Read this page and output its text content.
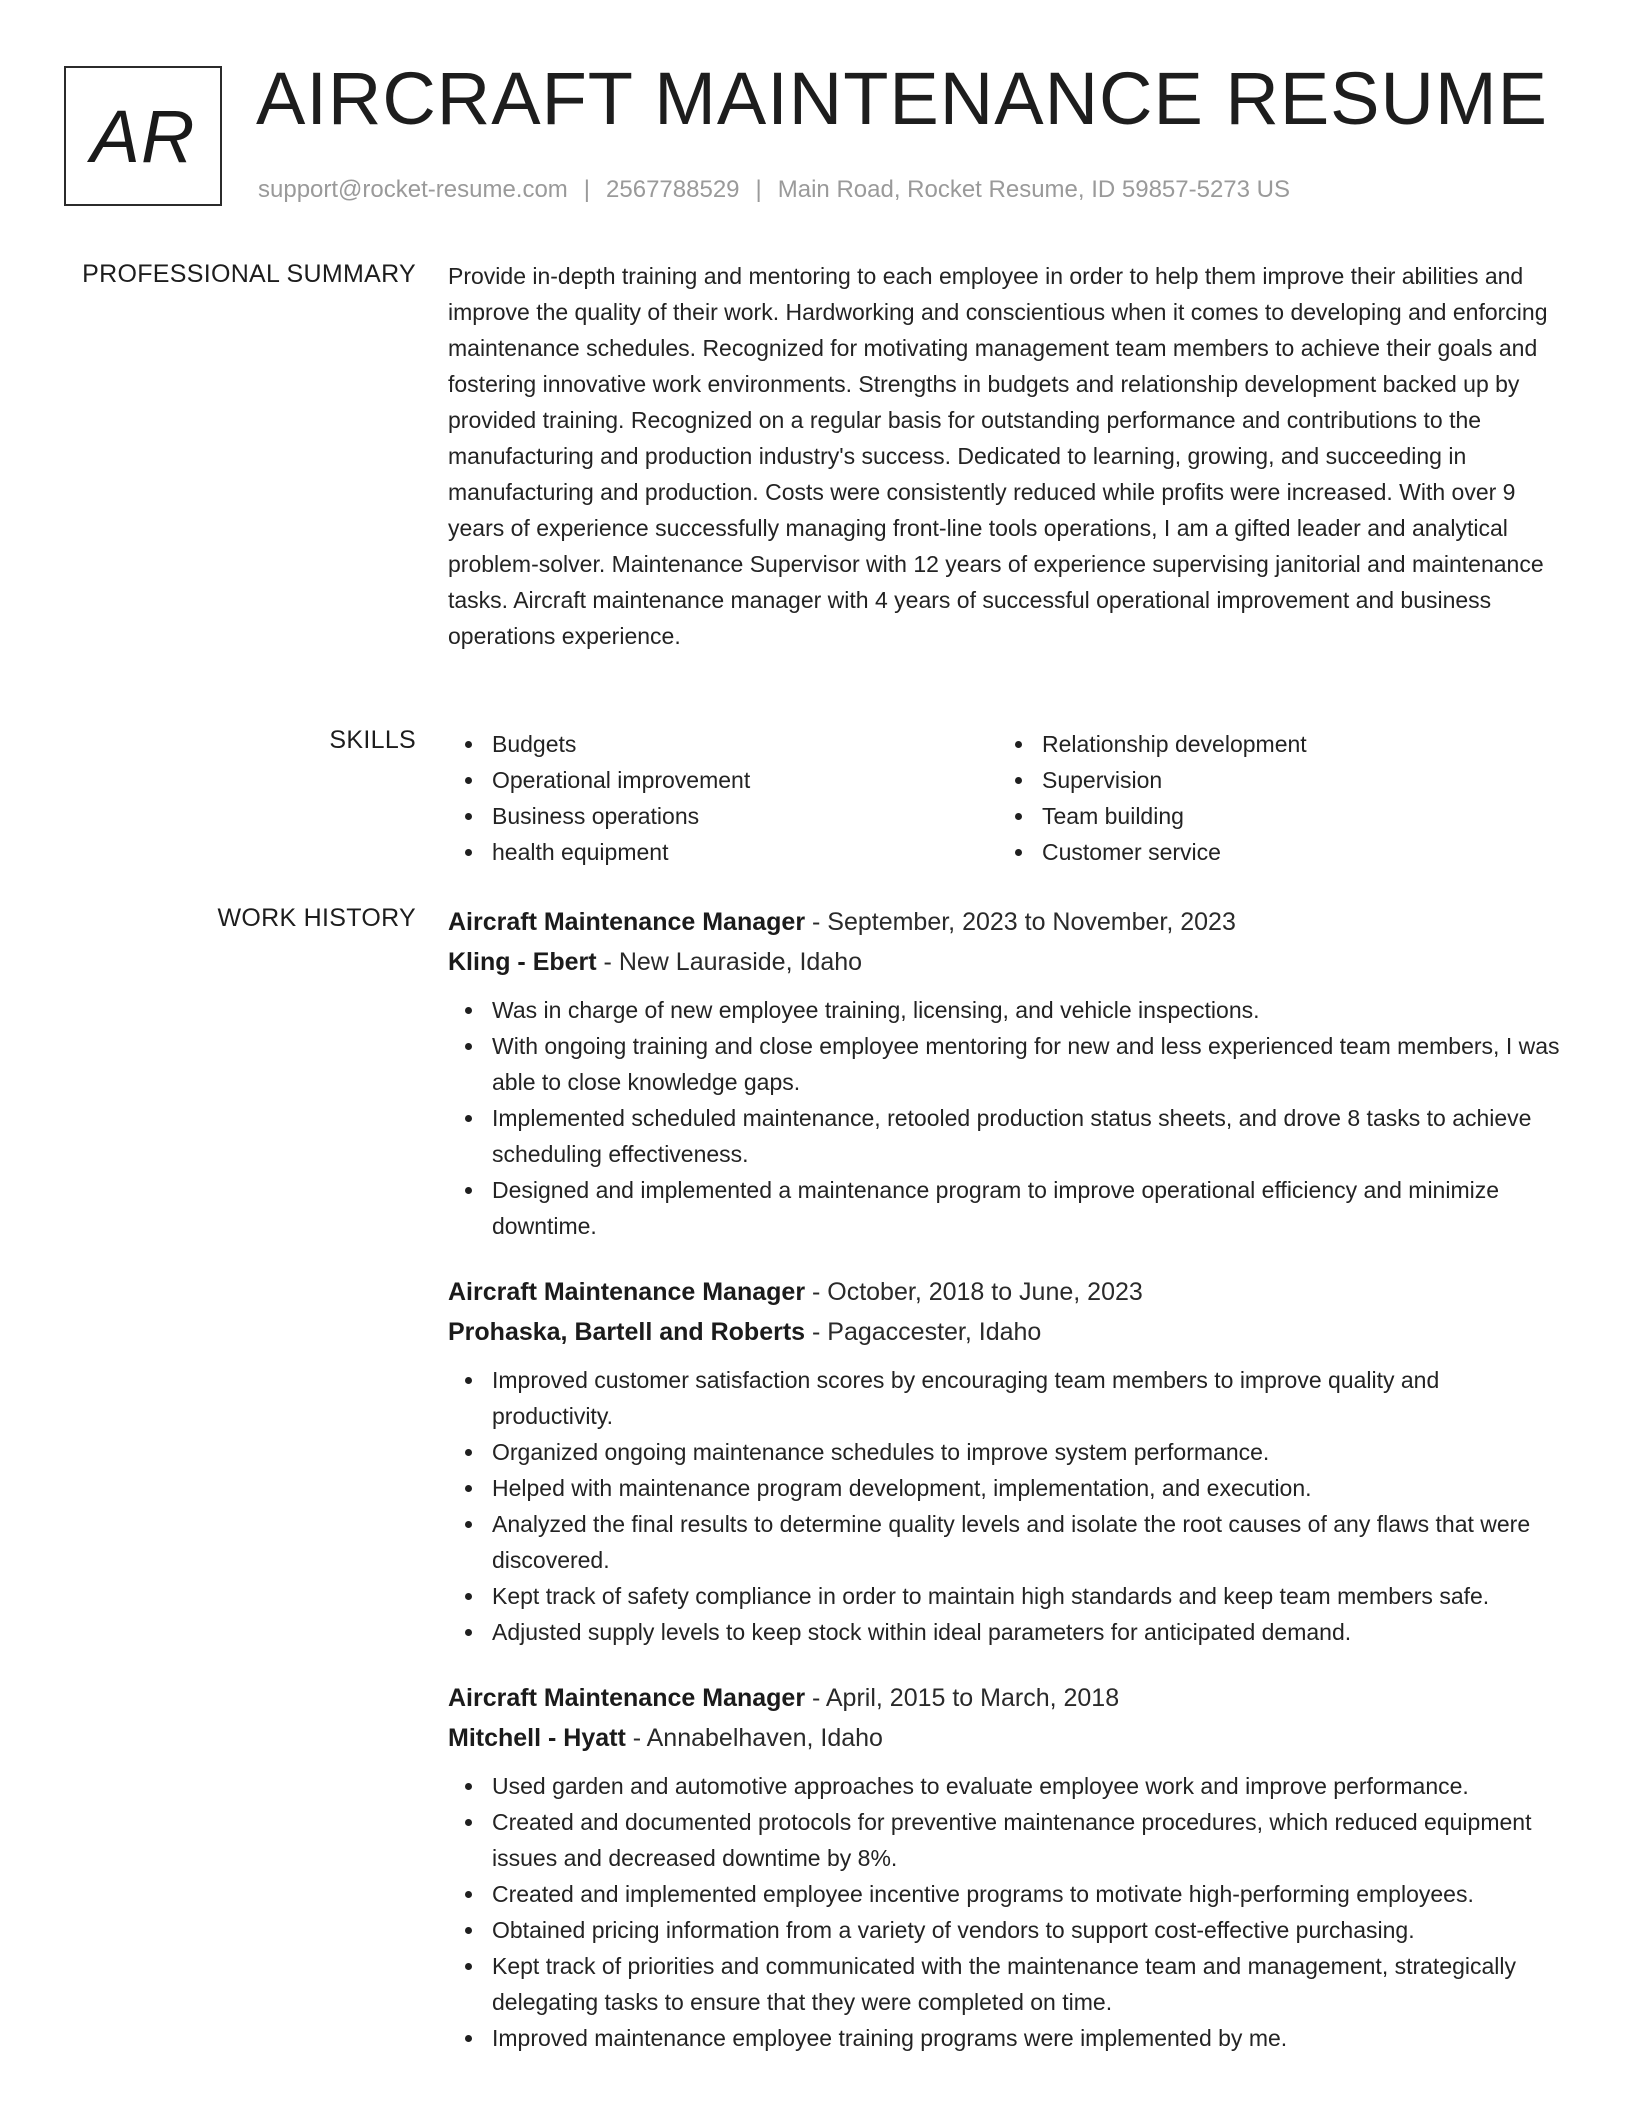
AR AIRCRAFT MAINTENANCE RESUME
support@rocket-resume.com | 2567788529 | Main Road, Rocket Resume, ID 59857-5273 US
PROFESSIONAL SUMMARY Provide in-depth training and mentoring to each employee in order to help them improve their abilities and improve the quality of their work. Hardworking and conscientious when it comes to developing and enforcing maintenance schedules. Recognized for motivating management team members to achieve their goals and fostering innovative work environments. Strengths in budgets and relationship development backed up by provided training. Recognized on a regular basis for outstanding performance and contributions to the manufacturing and production industry's success. Dedicated to learning, growing, and succeeding in manufacturing and production. Costs were consistently reduced while profits were increased. With over 9 years of experience successfully managing front-line tools operations, I am a gifted leader and analytical problem-solver. Maintenance Supervisor with 12 years of experience supervising janitorial and maintenance tasks. Aircraft maintenance manager with 4 years of successful operational improvement and business operations experience.

SKILLS	Budgets
Operational improvement
Business operations
health equipment
Relationship development
Supervision
Team building
Customer service
WORK HISTORY Aircraft Maintenance Manager - September, 2023 to November, 2023
Kling - Ebert - New Lauraside, Idaho
Was in charge of new employee training, licensing, and vehicle inspections.
With ongoing training and close employee mentoring for new and less experienced team members, I was able to close knowledge gaps.
Implemented scheduled maintenance, retooled production status sheets, and drove 8 tasks to achieve scheduling effectiveness.
Designed and implemented a maintenance program to improve operational efficiency and minimize downtime.
Aircraft Maintenance Manager - October, 2018 to June, 2023
Prohaska, Bartell and Roberts - Pagaccester, Idaho
Improved customer satisfaction scores by encouraging team members to improve quality and productivity.
Organized ongoing maintenance schedules to improve system performance.
Helped with maintenance program development, implementation, and execution.
Analyzed the final results to determine quality levels and isolate the root causes of any flaws that were discovered.
Kept track of safety compliance in order to maintain high standards and keep team members safe.
Adjusted supply levels to keep stock within ideal parameters for anticipated demand.
Aircraft Maintenance Manager - April, 2015 to March, 2018
Mitchell - Hyatt - Annabelhaven, Idaho
Used garden and automotive approaches to evaluate employee work and improve performance.
Created and documented protocols for preventive maintenance procedures, which reduced equipment issues and decreased downtime by 8%.
Created and implemented employee incentive programs to motivate high-performing employees.
Obtained pricing information from a variety of vendors to support cost-effective purchasing.
Kept track of priorities and communicated with the maintenance team and management, strategically delegating tasks to ensure that they were completed on time.
Improved maintenance employee training programs were implemented by me.
